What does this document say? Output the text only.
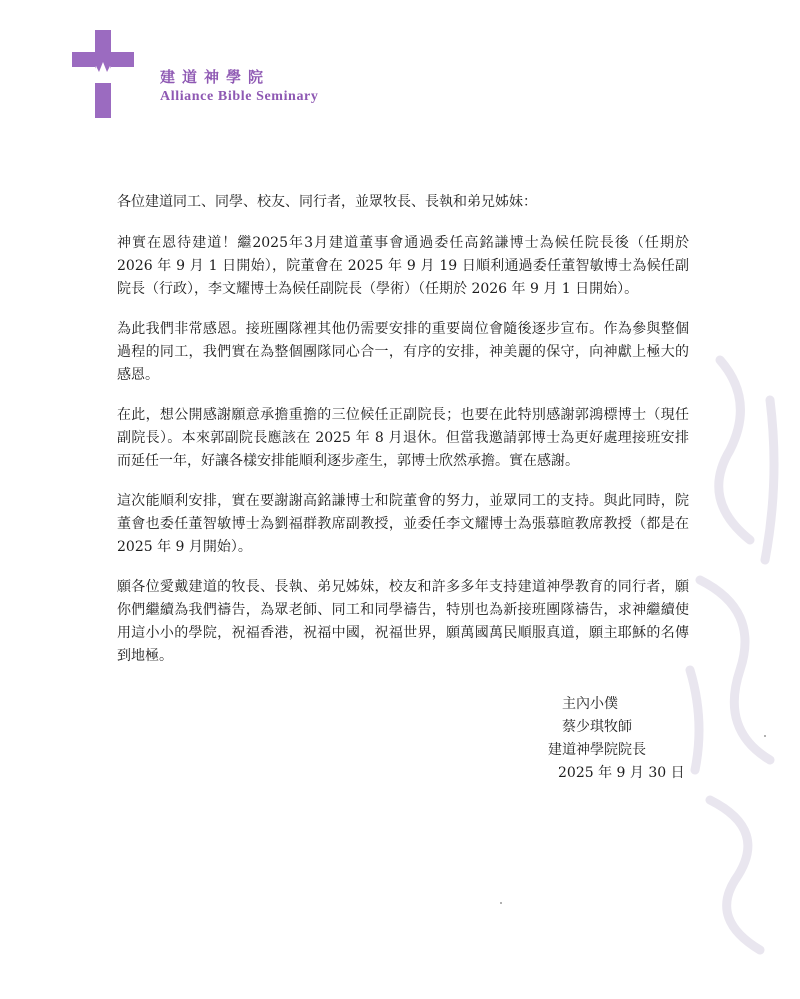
建道神學院
Alliance Bible Seminary

各位建道同工、同學、校友、同行者，並眾牧長、長執和弟兄姊妹：

神實在恩待建道！繼2025年3月建道董事會通過委任高銘謙博士為候任院長後（任期於 2026 年 9 月 1 日開始），院董會在 2025 年 9 月 19 日順利通過委任董智敏博士為候任副院長（行政），李文耀博士為候任副院長（學術）（任期於 2026 年 9 月 1 日開始）。

為此我們非常感恩。接班團隊裡其他仍需要安排的重要崗位會隨後逐步宣布。作為參與整個過程的同工，我們實在為整個團隊同心合一，有序的安排，神美麗的保守，向神獻上極大的感恩。

在此，想公開感謝願意承擔重擔的三位候任正副院長；也要在此特別感謝郭鴻標博士（現任副院長）。本來郭副院長應該在 2025 年 8 月退休。但當我邀請郭博士為更好處理接班安排而延任一年，好讓各樣安排能順利逐步產生，郭博士欣然承擔。實在感謝。

這次能順利安排，實在要謝謝高銘謙博士和院董會的努力，並眾同工的支持。與此同時，院董會也委任董智敏博士為劉福群教席副教授，並委任李文耀博士為張慕暄教席教授（都是在2025 年 9 月開始）。

願各位愛戴建道的牧長、長執、弟兄姊妹，校友和許多多年支持建道神學教育的同行者，願你們繼續為我們禱告，為眾老師、同工和同學禱告，特別也為新接班團隊禱告，求神繼續使用這小小的學院，祝福香港，祝福中國，祝福世界，願萬國萬民順服真道，願主耶穌的名傳到地極。

主內小僕
蔡少琪牧師
建道神學院院長
2025 年 9 月 30 日
